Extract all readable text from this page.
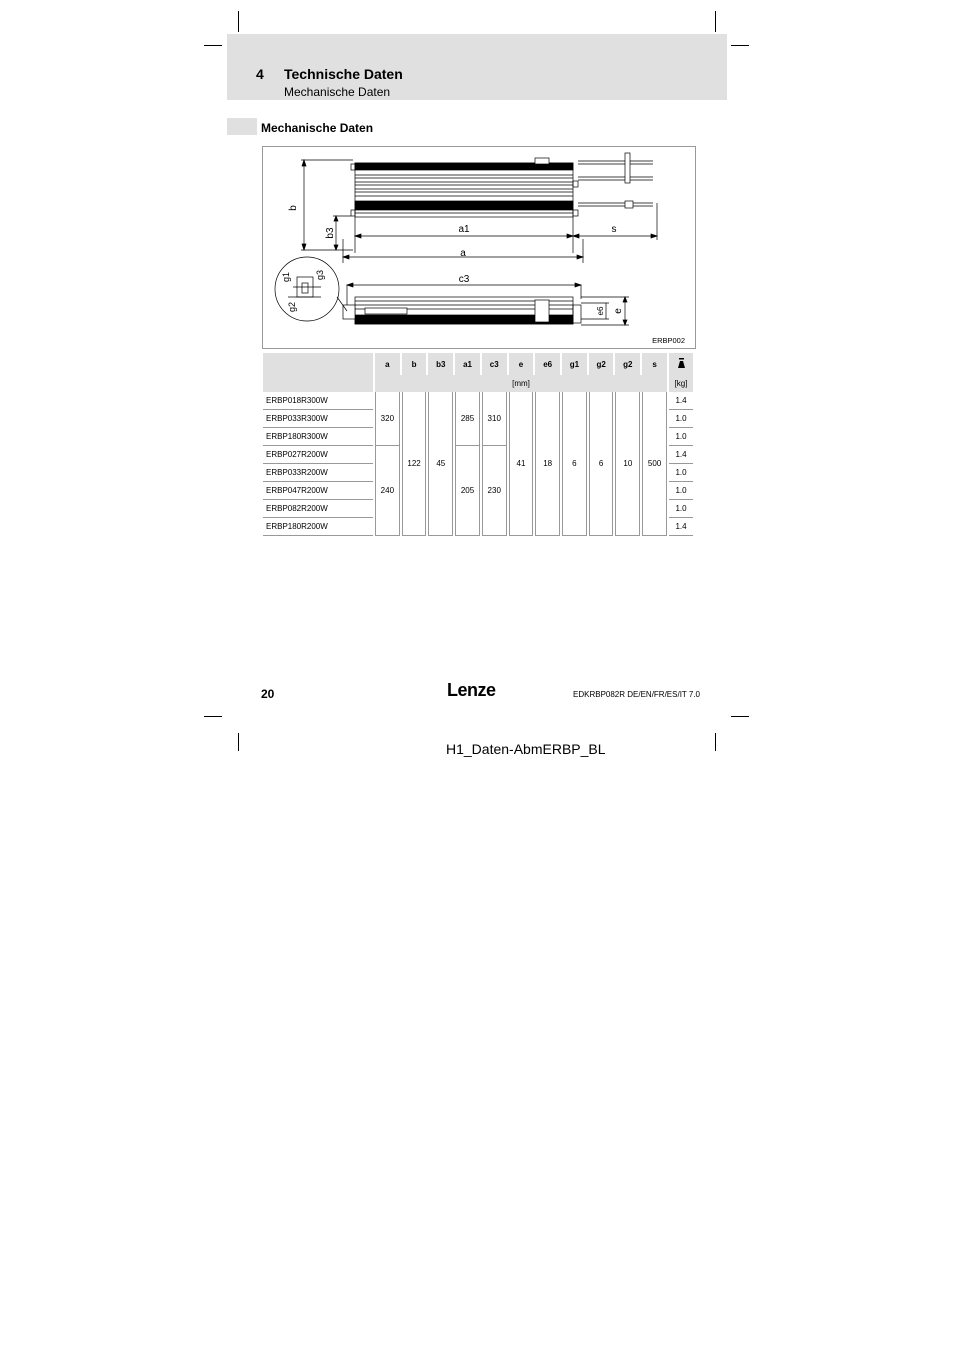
4 Technische Daten
Mechanische Daten
Mechanische Daten
b
b3	a1	s
a
c3
e
e6
g1
g2
g3
ERBP002
	a	b	b3	a1	c3	e	e6	g1	g2	g2	s	
	[mm]											[kg]
ERBP018R300W	320	122	45	285	310	41	18	6	6	10	500	1.4
ERBP033R300W												1.0
ERBP180R300W												1.0
ERBP027R200W	240			205	230							1.4
ERBP033R200W												1.0
ERBP047R200W												1.0
ERBP082R200W												1.0
ERBP180R200W												1.4
20	Lenze	EDKRBP082R DE/EN/FR/ES/IT 7.0
H1_Daten-AbmERBP_BL
